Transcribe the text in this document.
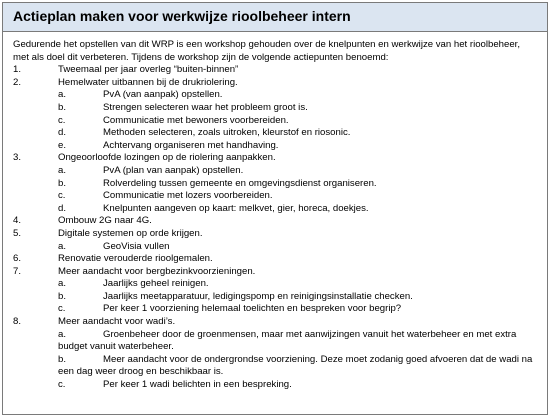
Actieplan maken voor werkwijze rioolbeheer intern

Gedurende het opstellen van dit WRP is een workshop gehouden over de knelpunten en werkwijze van het rioolbeheer, met als doel dit verbeteren. Tijdens de workshop zijn de volgende actiepunten benoemd:

1.	Tweemaal per jaar overleg “buiten-binnen”
2.	Hemelwater uitbannen bij de drukriolering.
a.	PvA (van aanpak) opstellen.
b.	Strengen selecteren waar het probleem groot is.
c.	Communicatie met bewoners voorbereiden.
d.	Methoden selecteren, zoals uitroken, kleurstof en riosonic.
e.	Achtervang organiseren met handhaving.
3.	Ongeoorloofde lozingen op de riolering aanpakken.
a.	PvA (plan van aanpak) opstellen.
b.	Rolverdeling tussen gemeente en omgevingsdienst organiseren.
c.	Communicatie met lozers voorbereiden.
d.	Knelpunten aangeven op kaart: melkvet, gier, horeca, doekjes.
4.	Ombouw 2G naar 4G.
5.	Digitale systemen op orde krijgen.
a.	GeoVisia vullen
6.	Renovatie verouderde rioolgemalen.
7.	Meer aandacht voor bergbezinkvoorzieningen.
a.	Jaarlijks geheel reinigen.
b.	Jaarlijks meetapparatuur, ledigingspomp en reinigingsinstallatie checken.
c.	Per keer 1 voorziening helemaal toelichten en bespreken voor begrip?
8.	Meer aandacht voor wadi’s.
a.	Groenbeheer door de groenmensen, maar met aanwijzingen vanuit het waterbeheer en met extra budget vanuit waterbeheer.
b.	Meer aandacht voor de ondergrondse voorziening. Deze moet zodanig goed afvoeren dat de wadi na een dag weer droog en beschikbaar is.
c.	Per keer 1 wadi belichten in een bespreking.
